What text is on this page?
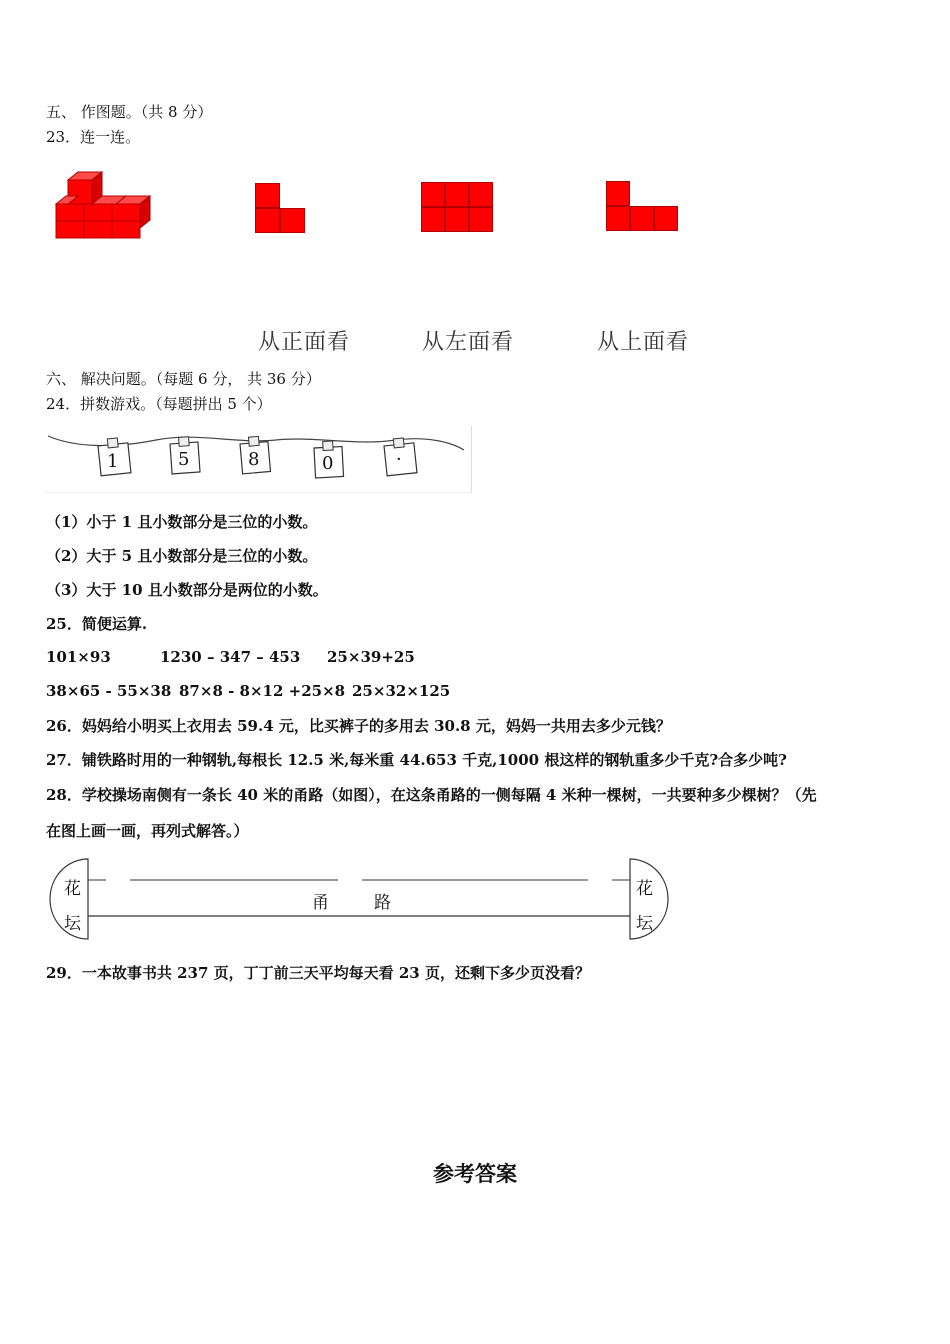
五、 作图题。（共 8 分）
23．连一连。
从正面看	从左面看	从上面看
六、 解决问题。（每题 6 分， 共 36 分）
24．拼数游戏。（每题拼出 5 个）
1	5	8	0	·
（1）小于 1 且小数部分是三位的小数。
（2）大于 5 且小数部分是三位的小数。
（3）大于 10 且小数部分是两位的小数。
25．简便运算.
101×93	1230 – 347 – 453 25×39+25
38×65 - 55×38 87×8 - 8×12 +25×8 25×32×125
26．妈妈给小明买上衣用去 59.4 元，比买裤子的多用去 30.8 元，妈妈一共用去多少元钱？
27．铺铁路时用的一种钢轨,每根长 12.5 米,每米重 44.653 千克,1000 根这样的钢轨重多少千克?合多少吨?
28．学校操场南侧有一条长 40 米的甬路（如图），在这条甬路的一侧每隔 4 米种一棵树，一共要种多少棵树？（先
在图上画一画，再列式解答。）
花
坛
花
坛
甬	路
29．一本故事书共 237 页，丁丁前三天平均每天看 23 页，还剩下多少页没看？
参考答案
